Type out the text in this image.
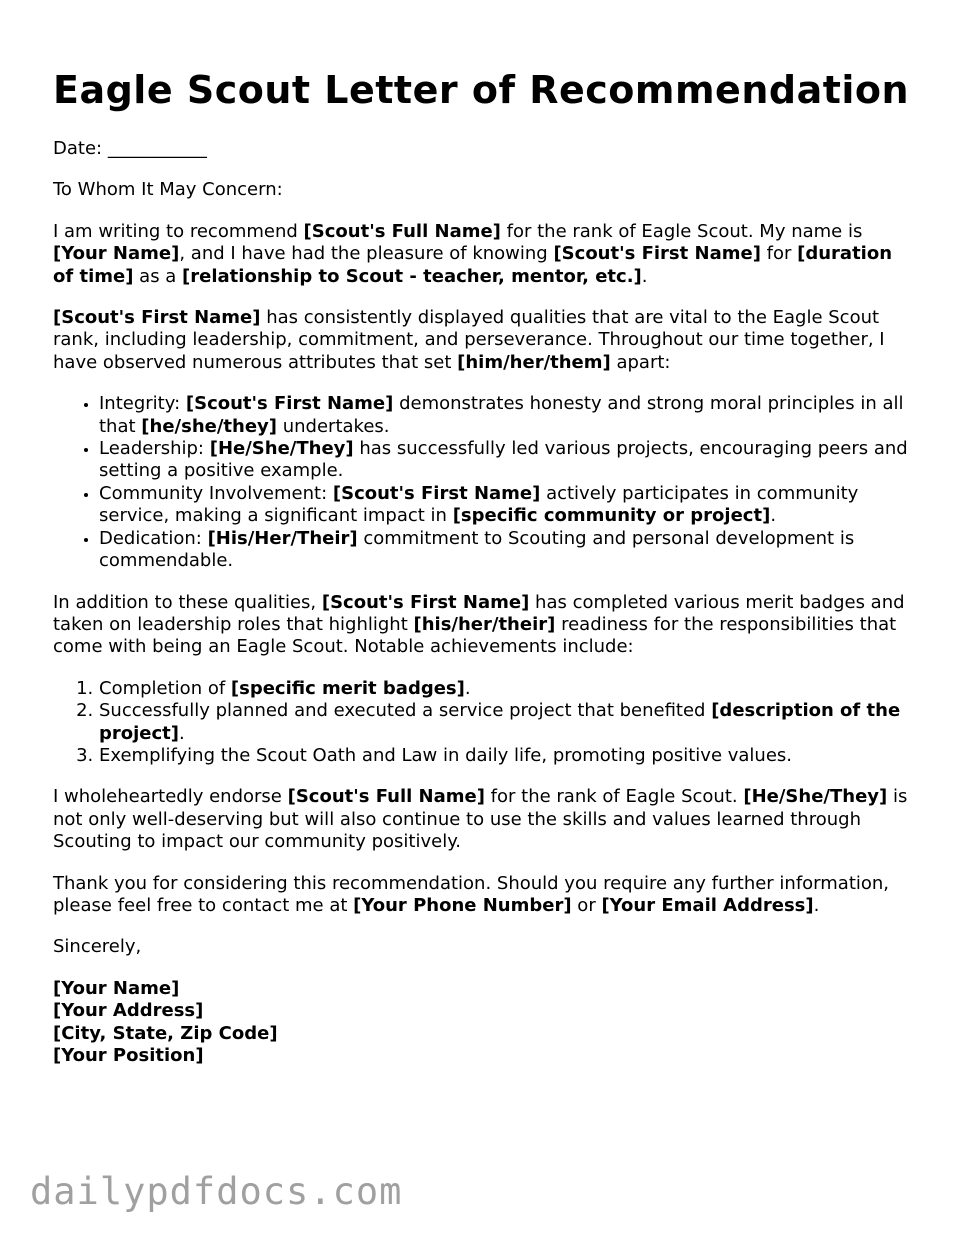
Eagle Scout Letter of Recommendation

Date: ___________

To Whom It May Concern:

I am writing to recommend [Scout's Full Name] for the rank of Eagle Scout. My name is [Your Name], and I have had the pleasure of knowing [Scout's First Name] for [duration of time] as a [relationship to Scout - teacher, mentor, etc.].

[Scout's First Name] has consistently displayed qualities that are vital to the Eagle Scout rank, including leadership, commitment, and perseverance. Throughout our time together, I have observed numerous attributes that set [him/her/them] apart:

• Integrity: [Scout's First Name] demonstrates honesty and strong moral principles in all that [he/she/they] undertakes.
• Leadership: [He/She/They] has successfully led various projects, encouraging peers and setting a positive example.
• Community Involvement: [Scout's First Name] actively participates in community service, making a significant impact in [specific community or project].
• Dedication: [His/Her/Their] commitment to Scouting and personal development is commendable.

In addition to these qualities, [Scout's First Name] has completed various merit badges and taken on leadership roles that highlight [his/her/their] readiness for the responsibilities that come with being an Eagle Scout. Notable achievements include:

1. Completion of [specific merit badges].
2. Successfully planned and executed a service project that benefited [description of the project].
3. Exemplifying the Scout Oath and Law in daily life, promoting positive values.

I wholeheartedly endorse [Scout's Full Name] for the rank of Eagle Scout. [He/She/They] is not only well-deserving but will also continue to use the skills and values learned through Scouting to impact our community positively.

Thank you for considering this recommendation. Should you require any further information, please feel free to contact me at [Your Phone Number] or [Your Email Address].

Sincerely,

[Your Name]
[Your Address]
[City, State, Zip Code]
[Your Position]

dailypdfdocs.com
